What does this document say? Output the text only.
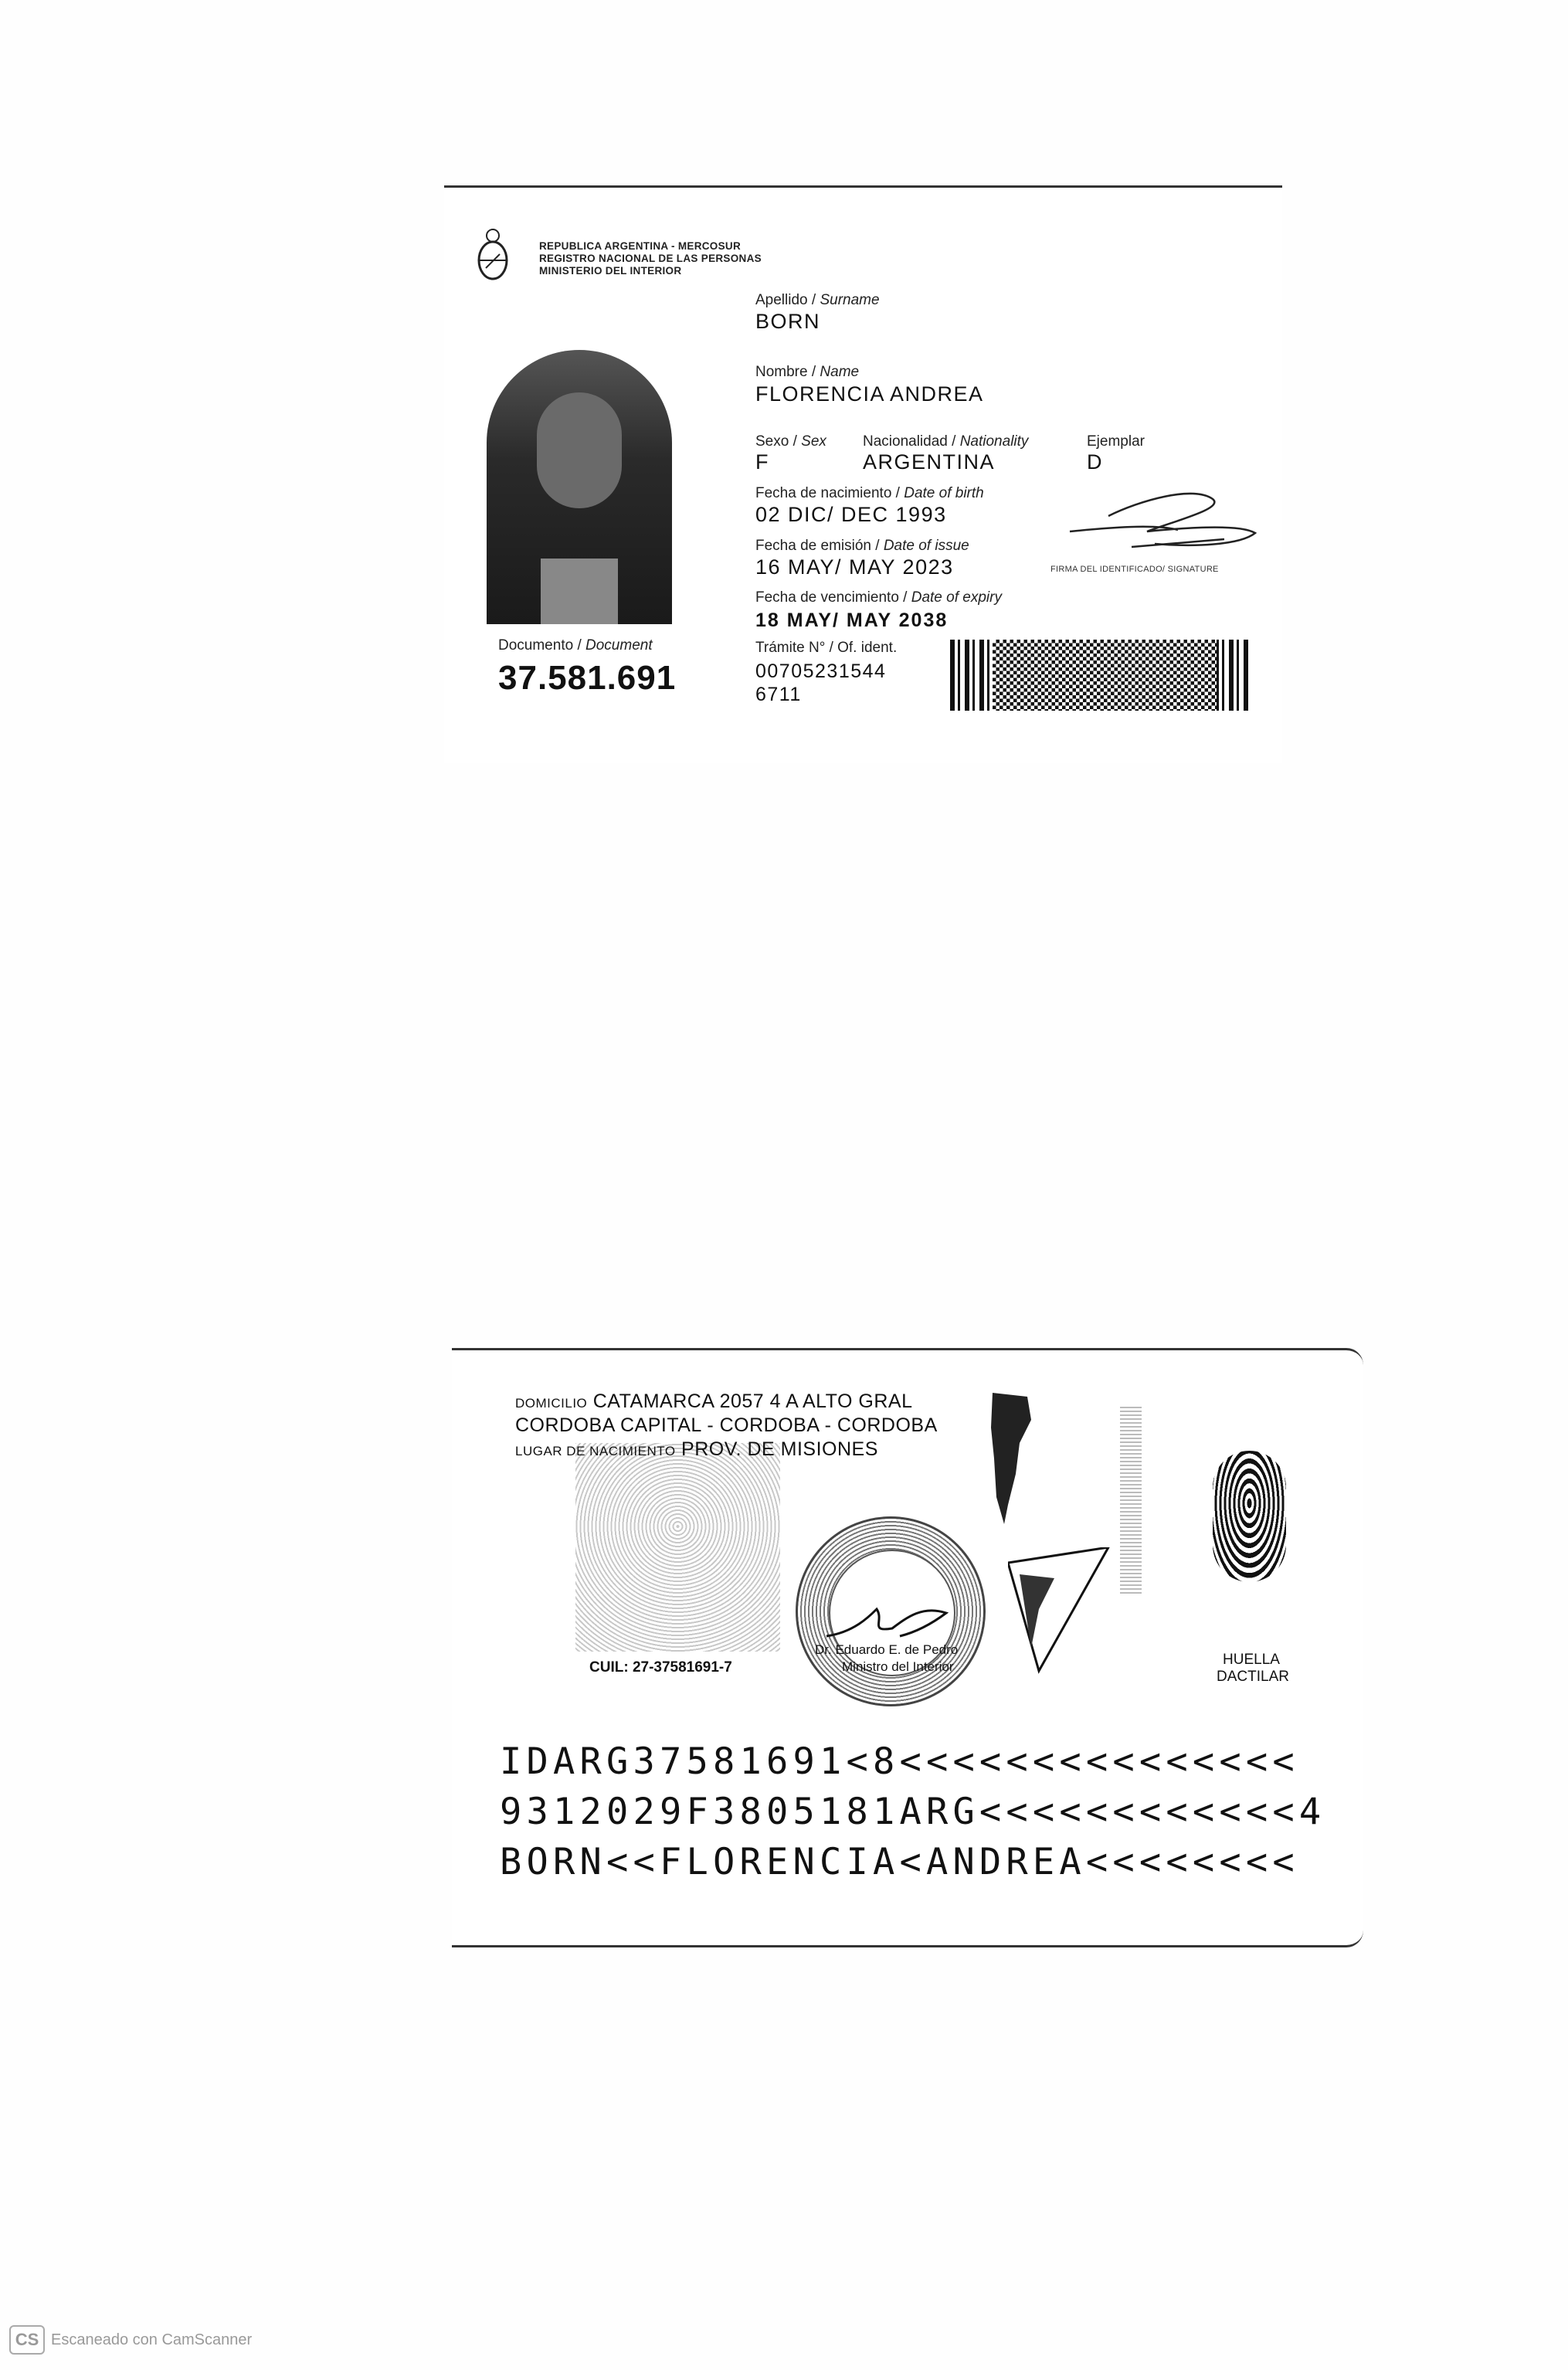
REPUBLICA ARGENTINA - MERCOSUR
REGISTRO NACIONAL DE LAS PERSONAS
MINISTERIO DEL INTERIOR
Apellido / Surname
BORN
Nombre / Name
FLORENCIA ANDREA
Sexo / Sex
F
Nacionalidad / Nationality
ARGENTINA
Ejemplar
D
Fecha de nacimiento / Date of birth
02 DIC/ DEC 1993
Fecha de emisión / Date of issue
16 MAY/ MAY 2023	FIRMA DEL IDENTIFICADO/ SIGNATURE
Fecha de vencimiento / Date of expiry
18 MAY/ MAY 2038
Documento / Document
37.581.691
Trámite N° / Of. ident.
00705231544
6711
DOMICILIO CATAMARCA 2057 4 A ALTO GRAL
CORDOBA CAPITAL - CORDOBA - CORDOBA
LUGAR DE NACIMIENTO PROV. DE MISIONES
Dr. Eduardo E. de Pedro
Ministro del Interior
CUIL: 27-37581691-7	HUELLA
DACTILAR
IDARG37581691<8<<<<<<<<<<<<<<<
9312029F3805181ARG<<<<<<<<<<<<4
BORN<<FLORENCIA<ANDREA<<<<<<<<
CS Escaneado con CamScanner
